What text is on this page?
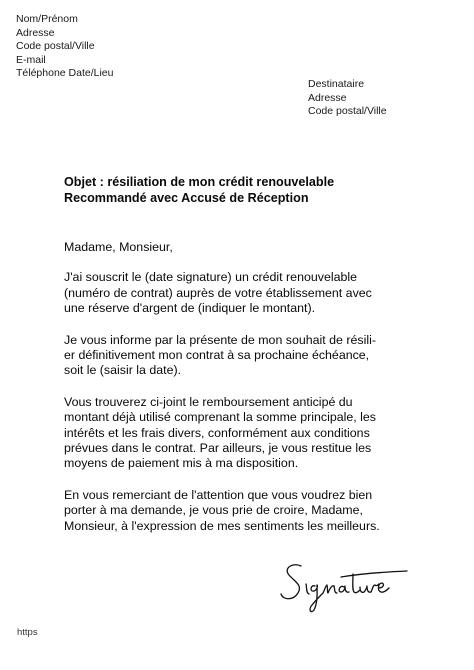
Nom/Prénom
Adresse
Code postal/Ville
E-mail
Téléphone Date/Lieu
Destinataire
Adresse
Code postal/Ville
Objet : résiliation de mon crédit renouvelable
Recommandé avec Accusé de Réception

Madame, Monsieur,

J'ai souscrit le (date signature) un crédit renouvelable
(numéro de contrat) auprès de votre établissement avec
une réserve d'argent de (indiquer le montant).

Je vous informe par la présente de mon souhait de résili-
er définitivement mon contrat à sa prochaine échéance,
soit le (saisir la date).

Vous trouverez ci-joint le remboursement anticipé du
montant déjà utilisé comprenant la somme principale, les
intérêts et les frais divers, conformément aux conditions
prévues dans le contrat. Par ailleurs, je vous restitue les
moyens de paiement mis à ma disposition.

En vous remerciant de l'attention que vous voudrez bien
porter à ma demande, je vous prie de croire, Madame,
Monsieur, à l'expression de mes sentiments les meilleurs.

Signature
https
